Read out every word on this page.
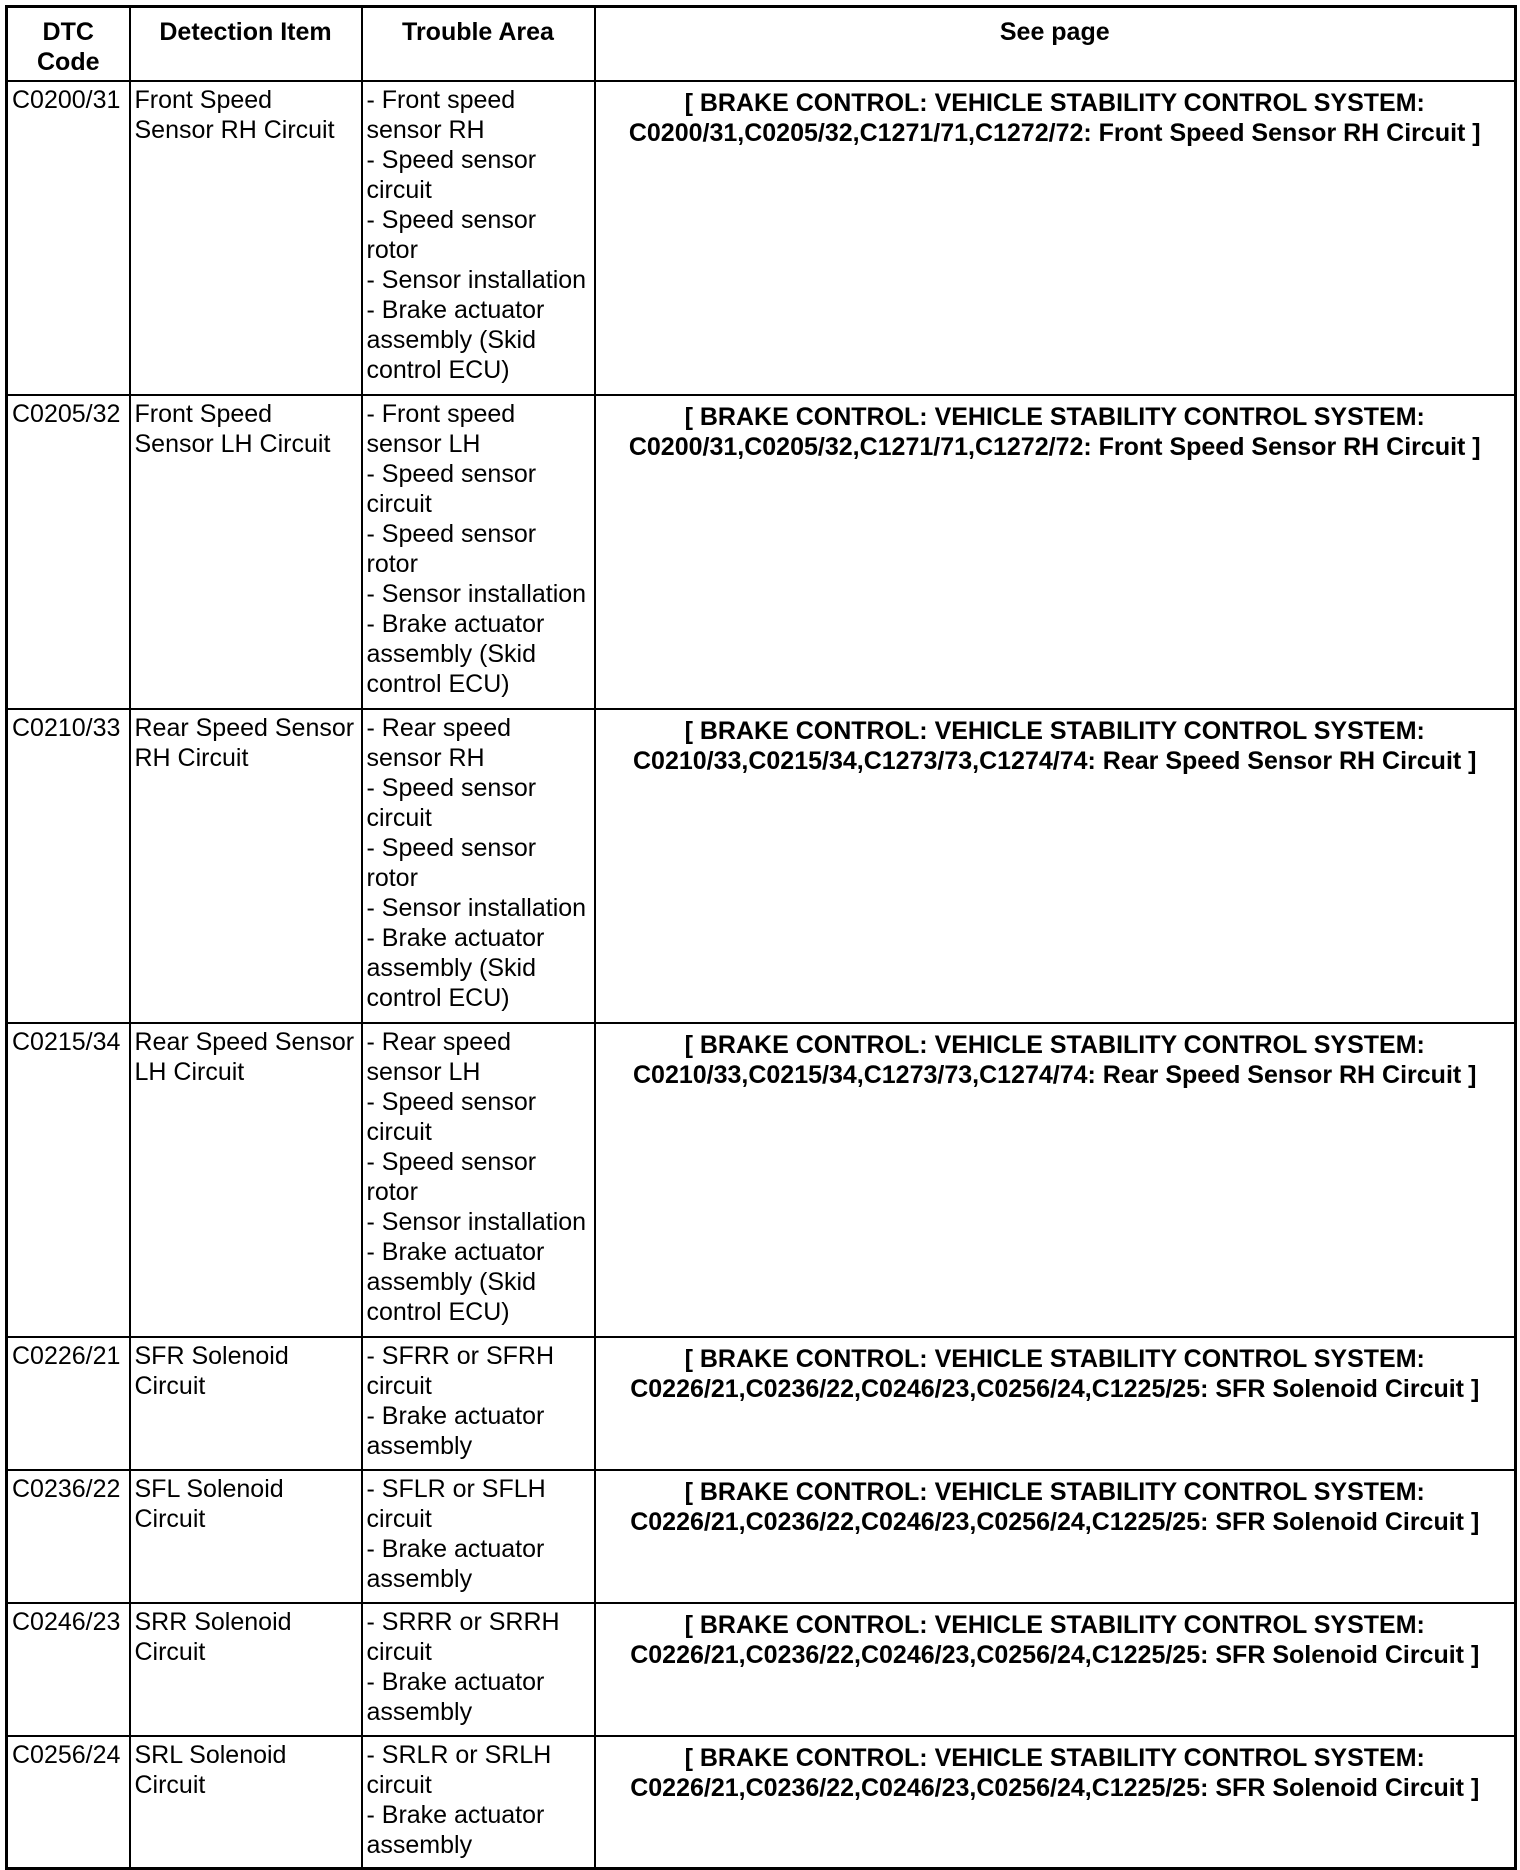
DTC Code	Detection Item	Trouble Area	See page
C0200/31	Front Speed Sensor RH Circuit	- Front speed sensor RH
- Speed sensor circuit
- Speed sensor rotor
- Sensor installation
- Brake actuator assembly (Skid control ECU)	[ BRAKE CONTROL: VEHICLE STABILITY CONTROL SYSTEM:
C0200/31,C0205/32,C1271/71,C1272/72: Front Speed Sensor RH Circuit ]

C0205/32	Front Speed Sensor LH Circuit	- Front speed sensor LH
- Speed sensor circuit
- Speed sensor rotor
- Sensor installation
- Brake actuator assembly (Skid control ECU)	[ BRAKE CONTROL: VEHICLE STABILITY CONTROL SYSTEM:
C0200/31,C0205/32,C1271/71,C1272/72: Front Speed Sensor RH Circuit ]

C0210/33	Rear Speed Sensor RH Circuit	- Rear speed sensor RH
- Speed sensor circuit
- Speed sensor rotor
- Sensor installation
- Brake actuator assembly (Skid control ECU)	[ BRAKE CONTROL: VEHICLE STABILITY CONTROL SYSTEM:
C0210/33,C0215/34,C1273/73,C1274/74: Rear Speed Sensor RH Circuit ]

C0215/34	Rear Speed Sensor LH Circuit	- Rear speed sensor LH
- Speed sensor circuit
- Speed sensor rotor
- Sensor installation
- Brake actuator assembly (Skid control ECU)	[ BRAKE CONTROL: VEHICLE STABILITY CONTROL SYSTEM:
C0210/33,C0215/34,C1273/73,C1274/74: Rear Speed Sensor RH Circuit ]

C0226/21	SFR Solenoid Circuit	- SFRR or SFRH circuit
- Brake actuator assembly	[ BRAKE CONTROL: VEHICLE STABILITY CONTROL SYSTEM:
C0226/21,C0236/22,C0246/23,C0256/24,C1225/25: SFR Solenoid Circuit ]

C0236/22	SFL Solenoid Circuit	- SFLR or SFLH circuit
- Brake actuator assembly	[ BRAKE CONTROL: VEHICLE STABILITY CONTROL SYSTEM:
C0226/21,C0236/22,C0246/23,C0256/24,C1225/25: SFR Solenoid Circuit ]

C0246/23	SRR Solenoid Circuit	- SRRR or SRRH circuit
- Brake actuator assembly	[ BRAKE CONTROL: VEHICLE STABILITY CONTROL SYSTEM:
C0226/21,C0236/22,C0246/23,C0256/24,C1225/25: SFR Solenoid Circuit ]

C0256/24	SRL Solenoid Circuit	- SRLR or SRLH circuit
- Brake actuator assembly	[ BRAKE CONTROL: VEHICLE STABILITY CONTROL SYSTEM:
C0226/21,C0236/22,C0246/23,C0256/24,C1225/25: SFR Solenoid Circuit ]
